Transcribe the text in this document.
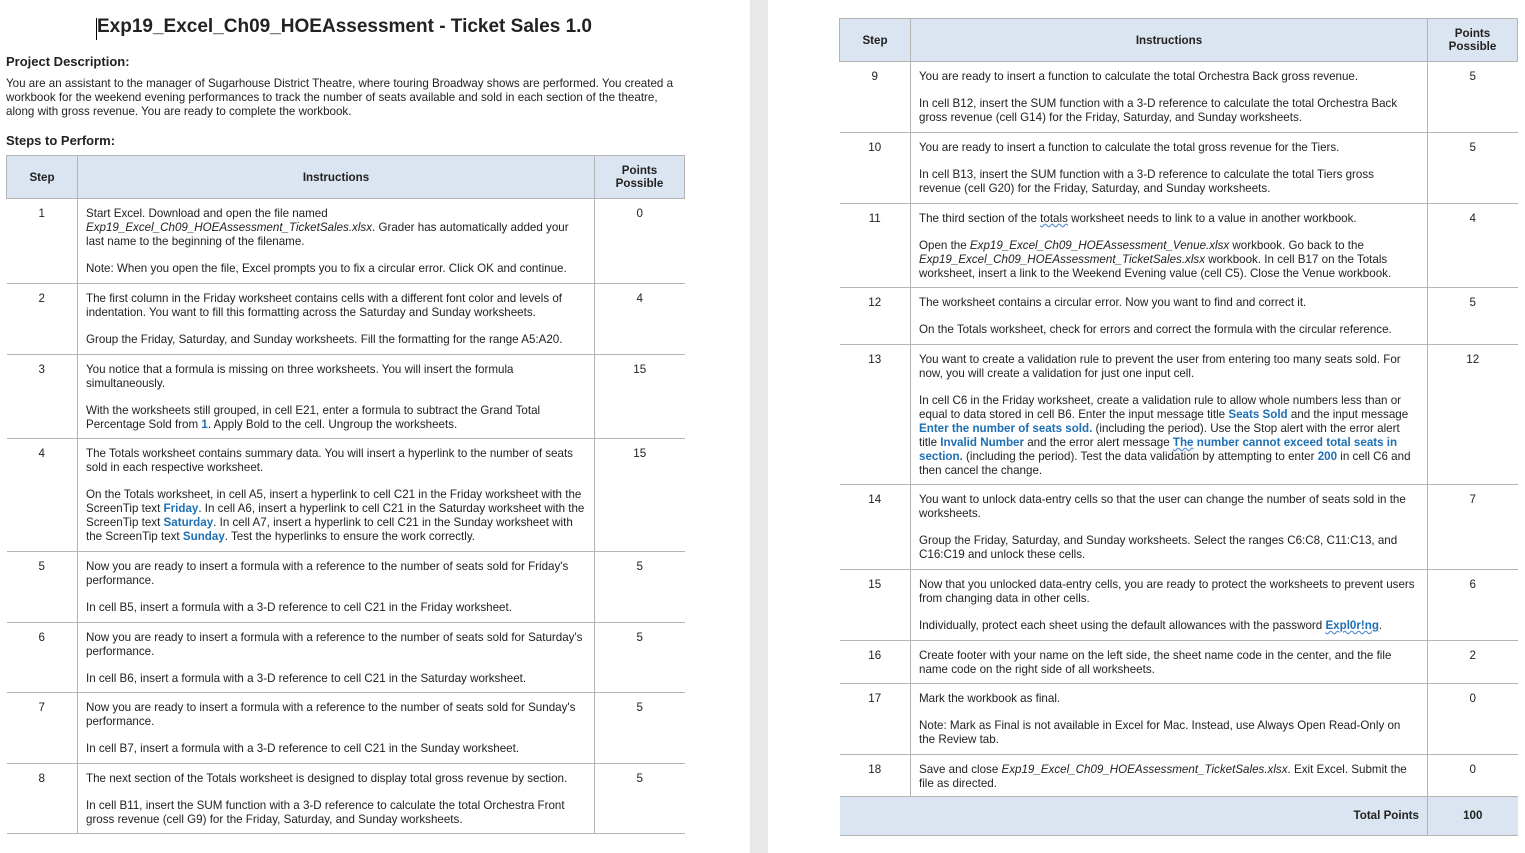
Exp19_Excel_Ch09_HOEAssessment - Ticket Sales 1.0
Project Description:
You are an assistant to the manager of Sugarhouse District Theatre, where touring Broadway shows are performed. You created a workbook for the weekend evening performances to track the number of seats available and sold in each section of the theatre, along with gross revenue. You are ready to complete the workbook.
Steps to Perform:
Step	Instructions	Points
Possible
1	Start Excel. Download and open the file named
Exp19_Excel_Ch09_HOEAssessment_TicketSales.xlsx. Grader has automatically added your last name to the beginning of the filename.

Note: When you open the file, Excel prompts you to fix a circular error. Click OK and continue.	0
2	The first column in the Friday worksheet contains cells with a different font color and levels of indentation. You want to fill this formatting across the Saturday and Sunday worksheets.

Group the Friday, Saturday, and Sunday worksheets. Fill the formatting for the range A5:A20.	4
3	You notice that a formula is missing on three worksheets. You will insert the formula simultaneously.

With the worksheets still grouped, in cell E21, enter a formula to subtract the Grand Total Percentage Sold from 1. Apply Bold to the cell. Ungroup the worksheets.	15
4	The Totals worksheet contains summary data. You will insert a hyperlink to the number of seats sold in each respective worksheet.

On the Totals worksheet, in cell A5, insert a hyperlink to cell C21 in the Friday worksheet with the ScreenTip text Friday. In cell A6, insert a hyperlink to cell C21 in the Saturday worksheet with the ScreenTip text Saturday. In cell A7, insert a hyperlink to cell C21 in the Sunday worksheet with the ScreenTip text Sunday. Test the hyperlinks to ensure the work correctly.	15
5	Now you are ready to insert a formula with a reference to the number of seats sold for Friday's performance.

In cell B5, insert a formula with a 3-D reference to cell C21 in the Friday worksheet.	5
6	Now you are ready to insert a formula with a reference to the number of seats sold for Saturday's performance.

In cell B6, insert a formula with a 3-D reference to cell C21 in the Saturday worksheet.	5
7	Now you are ready to insert a formula with a reference to the number of seats sold for Sunday's performance.

In cell B7, insert a formula with a 3-D reference to cell C21 in the Sunday worksheet.	5
8	The next section of the Totals worksheet is designed to display total gross revenue by section.

In cell B11, insert the SUM function with a 3-D reference to calculate the total Orchestra Front gross revenue (cell G9) for the Friday, Saturday, and Sunday worksheets.	5
Step	Instructions	Points
Possible
9	You are ready to insert a function to calculate the total Orchestra Back gross revenue.

In cell B12, insert the SUM function with a 3-D reference to calculate the total Orchestra Back gross revenue (cell G14) for the Friday, Saturday, and Sunday worksheets.	5
10	You are ready to insert a function to calculate the total gross revenue for the Tiers.

In cell B13, insert the SUM function with a 3-D reference to calculate the total Tiers gross revenue (cell G20) for the Friday, Saturday, and Sunday worksheets.	5
11	The third section of the totals worksheet needs to link to a value in another workbook.

Open the Exp19_Excel_Ch09_HOEAssessment_Venue.xlsx workbook. Go back to the Exp19_Excel_Ch09_HOEAssessment_TicketSales.xlsx workbook. In cell B17 on the Totals worksheet, insert a link to the Weekend Evening value (cell C5). Close the Venue workbook.	4
12	The worksheet contains a circular error. Now you want to find and correct it.

On the Totals worksheet, check for errors and correct the formula with the circular reference.	5
13	You want to create a validation rule to prevent the user from entering too many seats sold. For now, you will create a validation for just one input cell.

In cell C6 in the Friday worksheet, create a validation rule to allow whole numbers less than or equal to data stored in cell B6. Enter the input message title Seats Sold and the input message Enter the number of seats sold. (including the period). Use the Stop alert with the error alert title Invalid Number and the error alert message The number cannot exceed total seats in section. (including the period). Test the data validation by attempting to enter 200 in cell C6 and then cancel the change.	12
14	You want to unlock data-entry cells so that the user can change the number of seats sold in the worksheets.

Group the Friday, Saturday, and Sunday worksheets. Select the ranges C6:C8, C11:C13, and C16:C19 and unlock these cells.	7
15	Now that you unlocked data-entry cells, you are ready to protect the worksheets to prevent users from changing data in other cells.

Individually, protect each sheet using the default allowances with the password Expl0r!ng.	6
16	Create footer with your name on the left side, the sheet name code in the center, and the file name code on the right side of all worksheets.	2
17	Mark the workbook as final.

Note: Mark as Final is not available in Excel for Mac. Instead, use Always Open Read-Only on the Review tab.	0
18	Save and close Exp19_Excel_Ch09_HOEAssessment_TicketSales.xlsx. Exit Excel. Submit the file as directed.	0
Total Points		100
